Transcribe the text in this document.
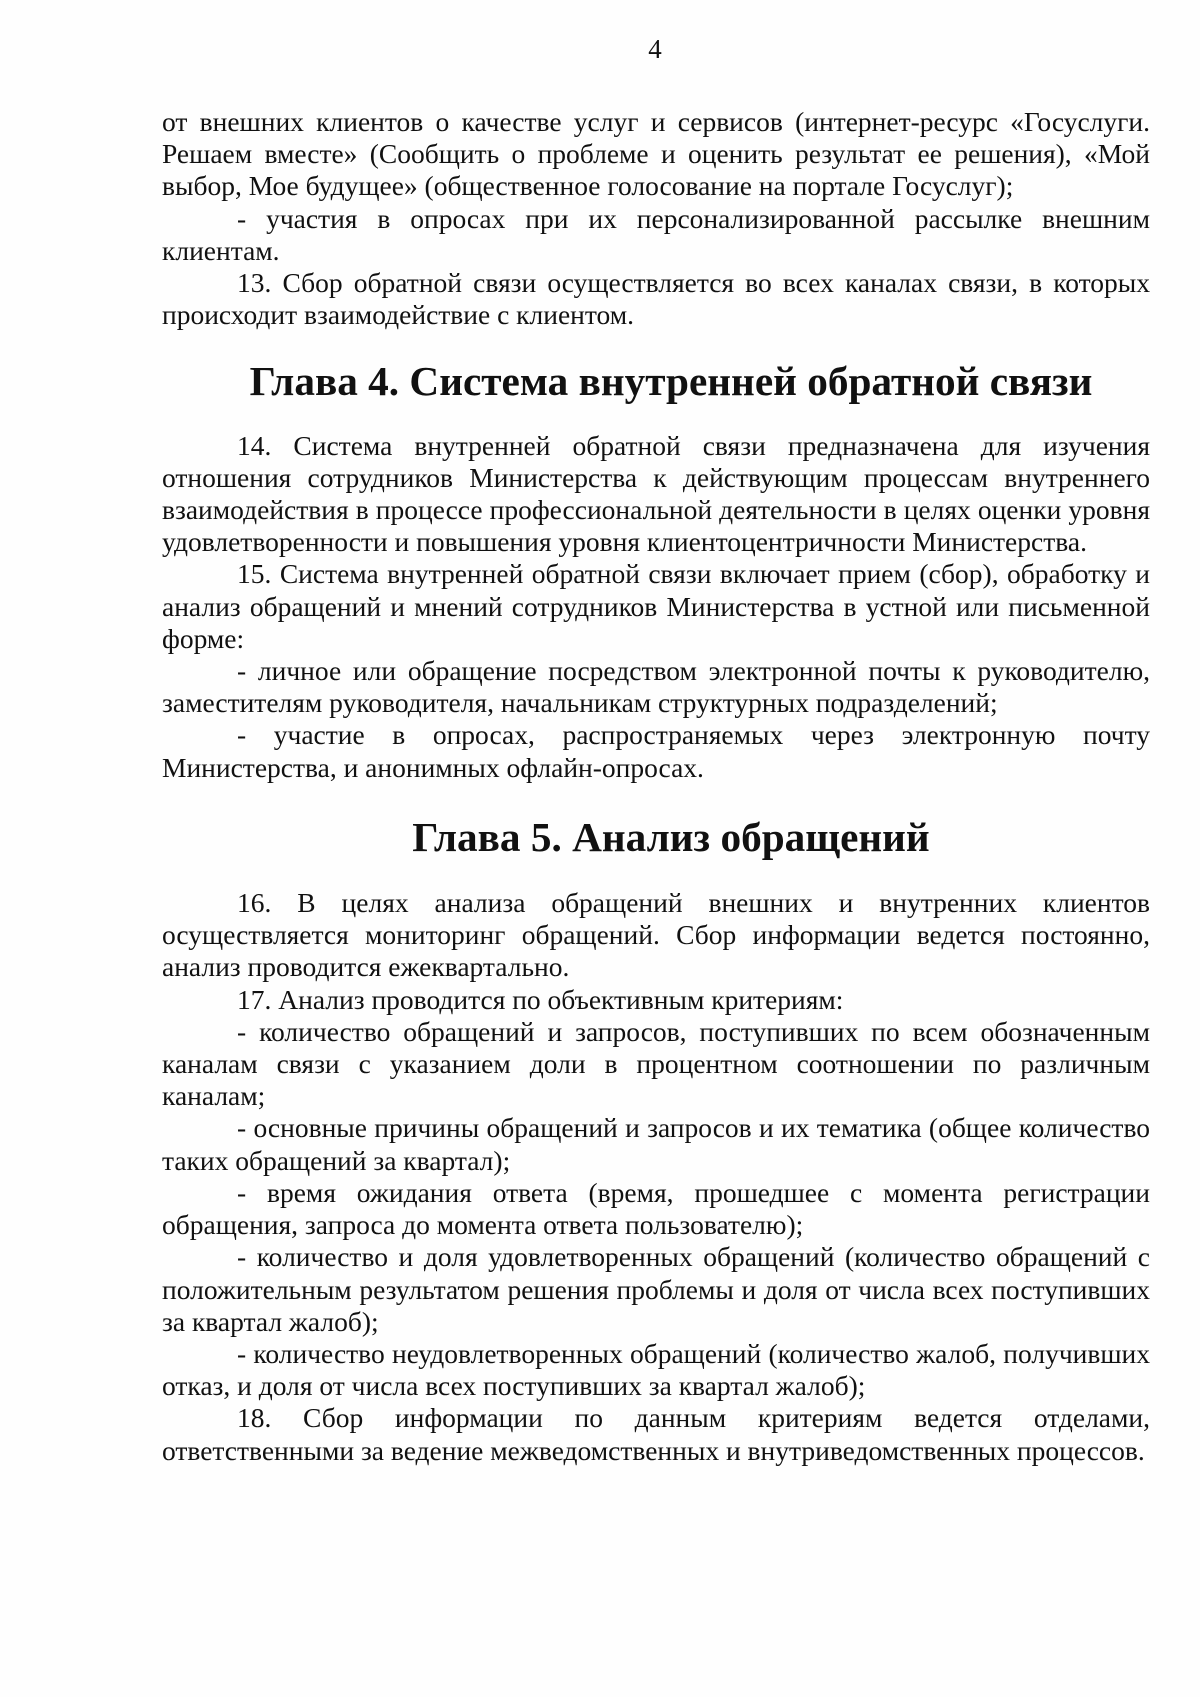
4

от внешних клиентов о качестве услуг и сервисов (интернет-ресурс «Госуслуги. Решаем вместе» (Сообщить о проблеме и оценить результат ее решения), «Мой выбор, Мое будущее» (общественное голосование на портале Госуслуг);

- участия в опросах при их персонализированной рассылке внешним клиентам.

13. Сбор обратной связи осуществляется во всех каналах связи, в которых происходит взаимодействие с клиентом.

Глава 4. Система внутренней обратной связи

14. Система внутренней обратной связи предназначена для изучения отношения сотрудников Министерства к действующим процессам внутреннего взаимодействия в процессе профессиональной деятельности в целях оценки уровня удовлетворенности и повышения уровня клиентоцентричности Министерства.

15. Система внутренней обратной связи включает прием (сбор), обработку и анализ обращений и мнений сотрудников Министерства в устной или письменной форме:

- личное или обращение посредством электронной почты к руководителю, заместителям руководителя, начальникам структурных подразделений;

- участие в опросах, распространяемых через электронную почту Министерства, и анонимных офлайн-опросах.

Глава 5. Анализ обращений

16. В целях анализа обращений внешних и внутренних клиентов осуществляется мониторинг обращений. Сбор информации ведется постоянно, анализ проводится ежеквартально.

17. Анализ проводится по объективным критериям:

- количество обращений и запросов, поступивших по всем обозначенным каналам связи с указанием доли в процентном соотношении по различным каналам;

- основные причины обращений и запросов и их тематика (общее количество таких обращений за квартал);

- время ожидания ответа (время, прошедшее с момента регистрации обращения, запроса до момента ответа пользователю);

- количество и доля удовлетворенных обращений (количество обращений с положительным результатом решения проблемы и доля от числа всех поступивших за квартал жалоб);

- количество неудовлетворенных обращений (количество жалоб, получивших отказ, и доля от числа всех поступивших за квартал жалоб);

18. Сбор информации по данным критериям ведется отделами, ответственными за ведение межведомственных и внутриведомственных процессов.
